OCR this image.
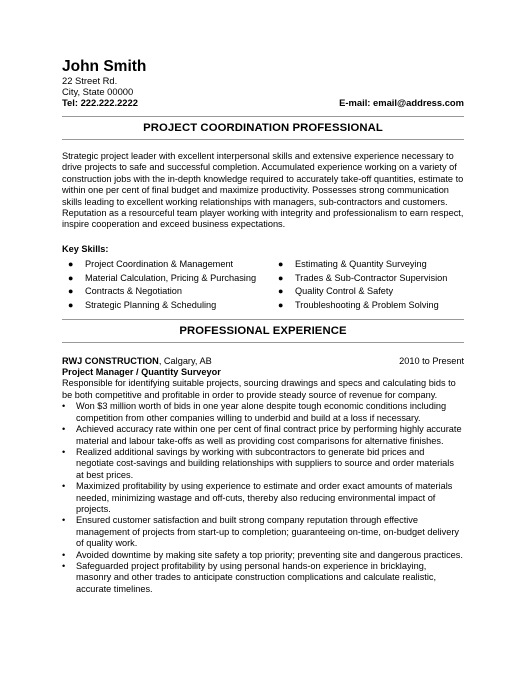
John Smith
22 Street Rd.
City, State 00000
Tel: 222.222.2222	E-mail: email@address.com
PROJECT COORDINATION PROFESSIONAL
Strategic project leader with excellent interpersonal skills and extensive experience necessary to drive projects to safe and successful completion. Accumulated experience working on a variety of construction jobs with the in-depth knowledge required to accurately take-off quantities, estimate to within one per cent of final budget and maximize productivity. Possesses strong communication skills leading to excellent working relationships with managers, sub-contractors and customers. Reputation as a resourceful team player working with integrity and professionalism to earn respect, inspire cooperation and exceed business expectations.
Key Skills:
● Project Coordination & Management
● Material Calculation, Pricing & Purchasing
● Contracts & Negotiation
● Strategic Planning & Scheduling
● Estimating & Quantity Surveying
● Trades & Sub-Contractor Supervision
● Quality Control & Safety
● Troubleshooting & Problem Solving
PROFESSIONAL EXPERIENCE
RWJ CONSTRUCTION, Calgary, AB	2010 to Present
Project Manager / Quantity Surveyor
Responsible for identifying suitable projects, sourcing drawings and specs and calculating bids to be both competitive and profitable in order to provide steady source of revenue for company.
• Won $3 million worth of bids in one year alone despite tough economic conditions including competition from other companies willing to underbid and build at a loss if necessary.
• Achieved accuracy rate within one per cent of final contract price by performing highly accurate material and labour take-offs as well as providing cost comparisons for alternative finishes.
• Realized additional savings by working with subcontractors to generate bid prices and negotiate cost-savings and building relationships with suppliers to source and order materials at best prices.
• Maximized profitability by using experience to estimate and order exact amounts of materials needed, minimizing wastage and off-cuts, thereby also reducing environmental impact of projects.
• Ensured customer satisfaction and built strong company reputation through effective management of projects from start-up to completion; guaranteeing on-time, on-budget delivery of quality work.
• Avoided downtime by making site safety a top priority; preventing site and dangerous practices.
• Safeguarded project profitability by using personal hands-on experience in bricklaying, masonry and other trades to anticipate construction complications and calculate realistic, accurate timelines.
